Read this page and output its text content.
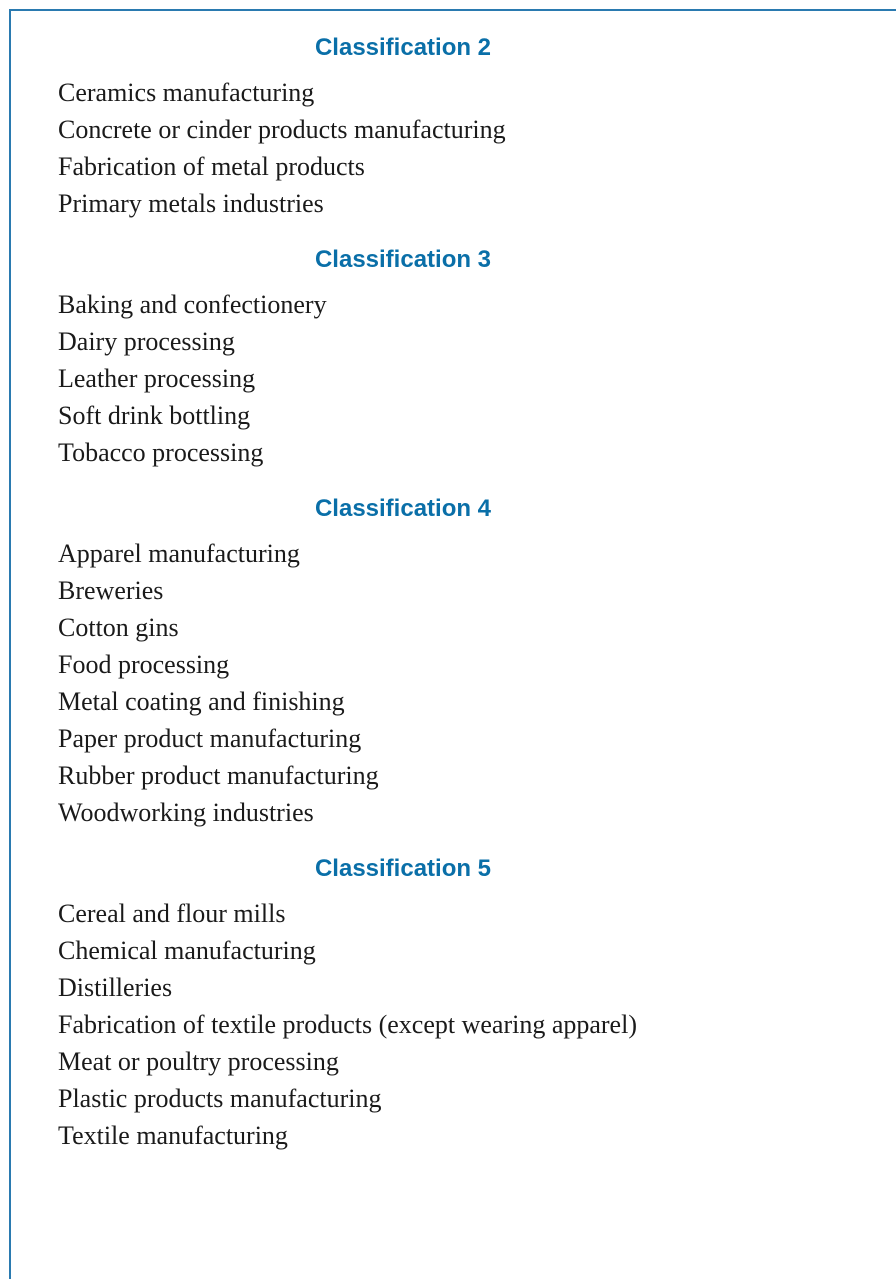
Classification 2
Ceramics manufacturing
Concrete or cinder products manufacturing
Fabrication of metal products
Primary metals industries
Classification 3
Baking and confectionery
Dairy processing
Leather processing
Soft drink bottling
Tobacco processing
Classification 4
Apparel manufacturing
Breweries
Cotton gins
Food processing
Metal coating and finishing
Paper product manufacturing
Rubber product manufacturing
Woodworking industries
Classification 5
Cereal and flour mills
Chemical manufacturing
Distilleries
Fabrication of textile products (except wearing apparel)
Meat or poultry processing
Plastic products manufacturing
Textile manufacturing
